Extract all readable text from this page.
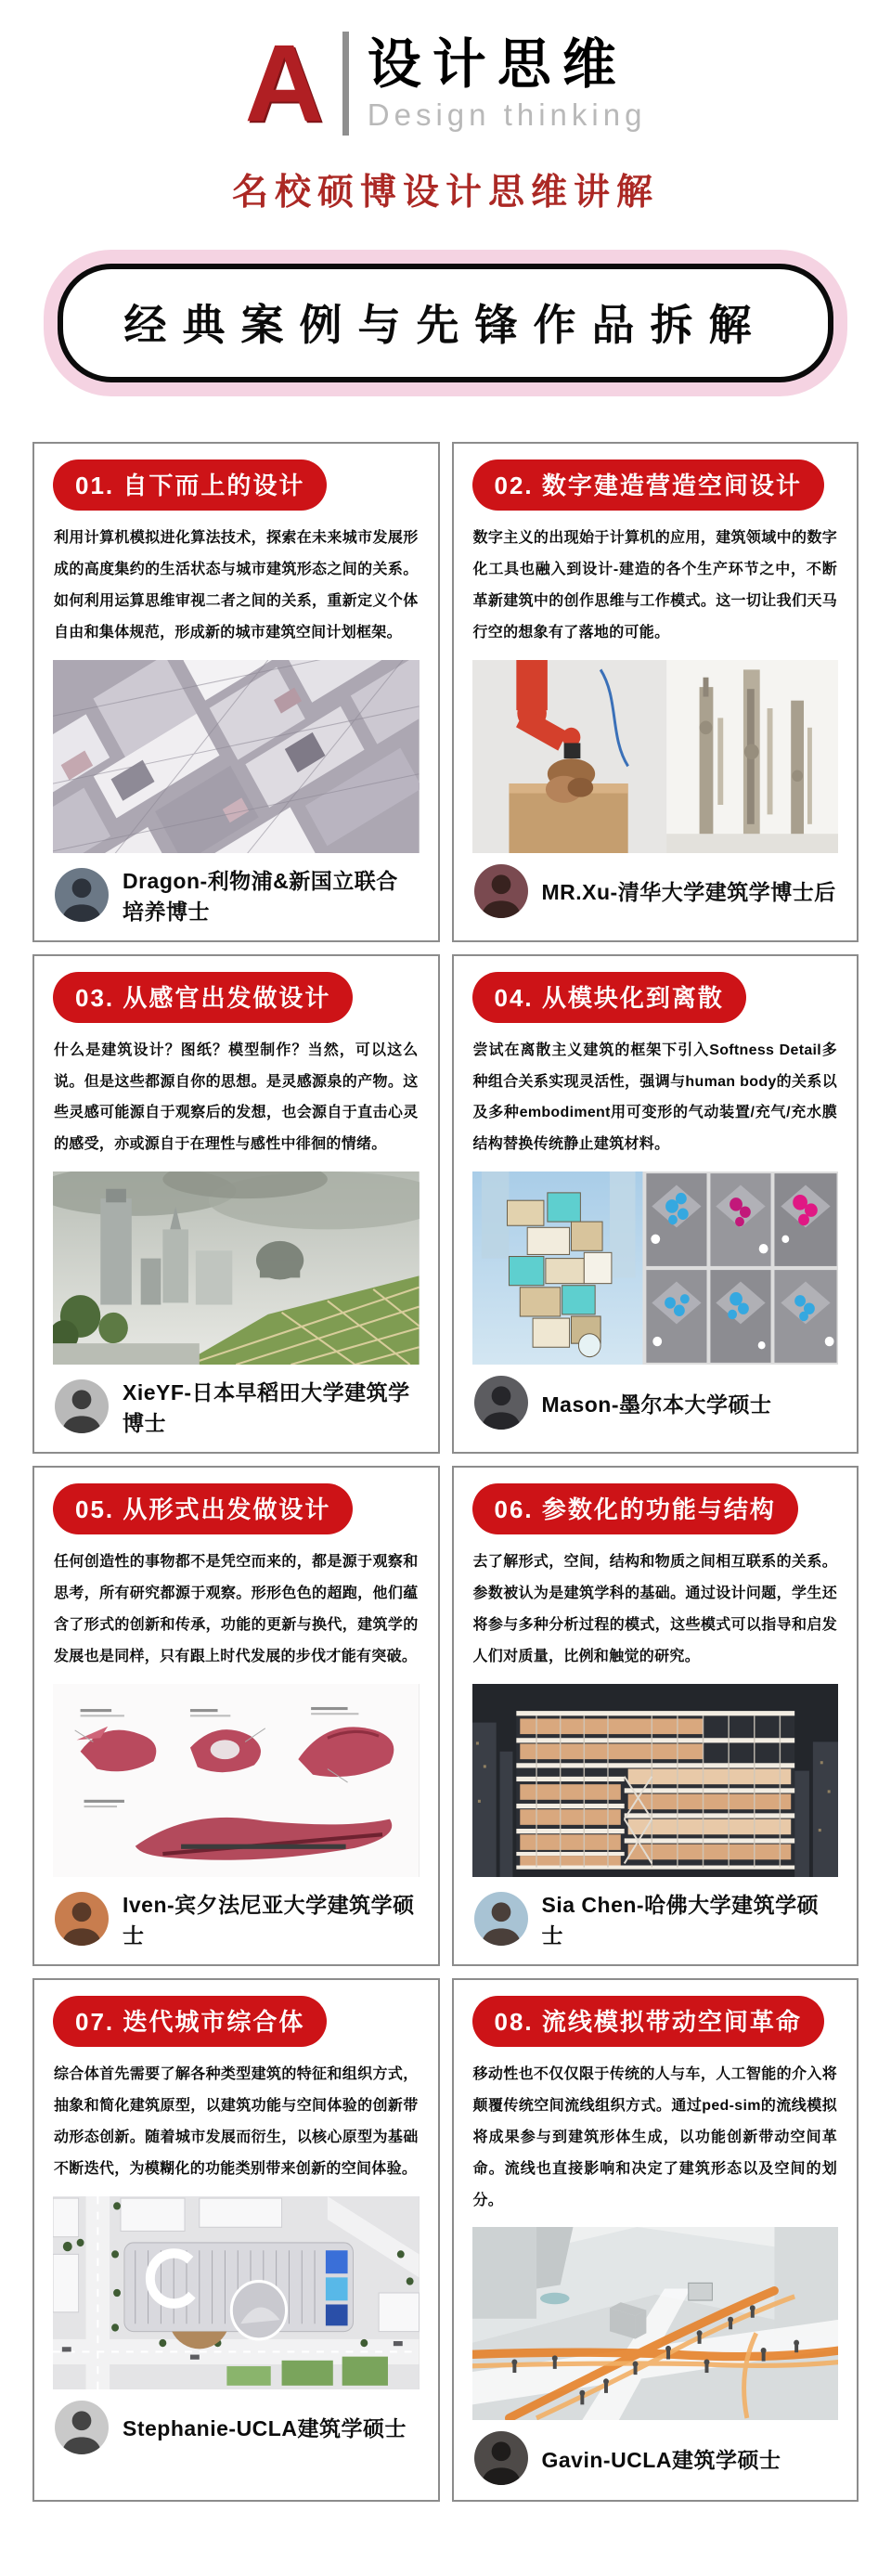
A 设计思维
Design thinking
名校硕博设计思维讲解
经典案例与先锋作品拆解
01. 自下而上的设计
利用计算机模拟进化算法技术，探索在未来城市发展形成的高度集约的生活状态与城市建筑形态之间的关系。如何利用运算思维审视二者之间的关系，重新定义个体自由和集体规范，形成新的城市建筑空间计划框架。
Dragon-利物浦&新国立联合培养博士
02. 数字建造营造空间设计
数字主义的出现始于计算机的应用，建筑领域中的数字化工具也融入到设计-建造的各个生产环节之中，不断革新建筑中的创作思维与工作模式。这一切让我们天马行空的想象有了落地的可能。
MR.Xu-清华大学建筑学博士后
03. 从感官出发做设计
什么是建筑设计？图纸？模型制作？当然，可以这么说。但是这些都源自你的思想。是灵感源泉的产物。这些灵感可能源自于观察后的发想，也会源自于直击心灵的感受，亦或源自于在理性与感性中徘徊的情绪。
XieYF-日本早稻田大学建筑学博士
04. 从模块化到离散
尝试在离散主义建筑的框架下引入Softness Detail多种组合关系实现灵活性，强调与human body的关系以及多种embodiment用可变形的气动装置/充气/充水膜结构替换传统静止建筑材料。
Mason-墨尔本大学硕士
05. 从形式出发做设计
任何创造性的事物都不是凭空而来的，都是源于观察和思考，所有研究都源于观察。形形色色的超跑，他们蕴含了形式的创新和传承，功能的更新与换代，建筑学的发展也是同样，只有跟上时代发展的步伐才能有突破。
Iven-宾夕法尼亚大学建筑学硕士
06. 参数化的功能与结构
去了解形式，空间，结构和物质之间相互联系的关系。参数被认为是建筑学科的基础。通过设计问题，学生还将参与多种分析过程的模式，这些模式可以指导和启发人们对质量，比例和触觉的研究。
Sia Chen-哈佛大学建筑学硕士
07. 迭代城市综合体
综合体首先需要了解各种类型建筑的特征和组织方式，抽象和简化建筑原型，以建筑功能与空间体验的创新带动形态创新。随着城市发展而衍生，以核心原型为基础不断迭代，为模糊化的功能类别带来创新的空间体验。
Stephanie-UCLA建筑学硕士
08. 流线模拟带动空间革命
移动性也不仅仅限于传统的人与车，人工智能的介入将颠覆传统空间流线组织方式。通过ped-sim的流线模拟将成果参与到建筑形体生成，以功能创新带动空间革命。流线也直接影响和决定了建筑形态以及空间的划分。
Gavin-UCLA建筑学硕士
